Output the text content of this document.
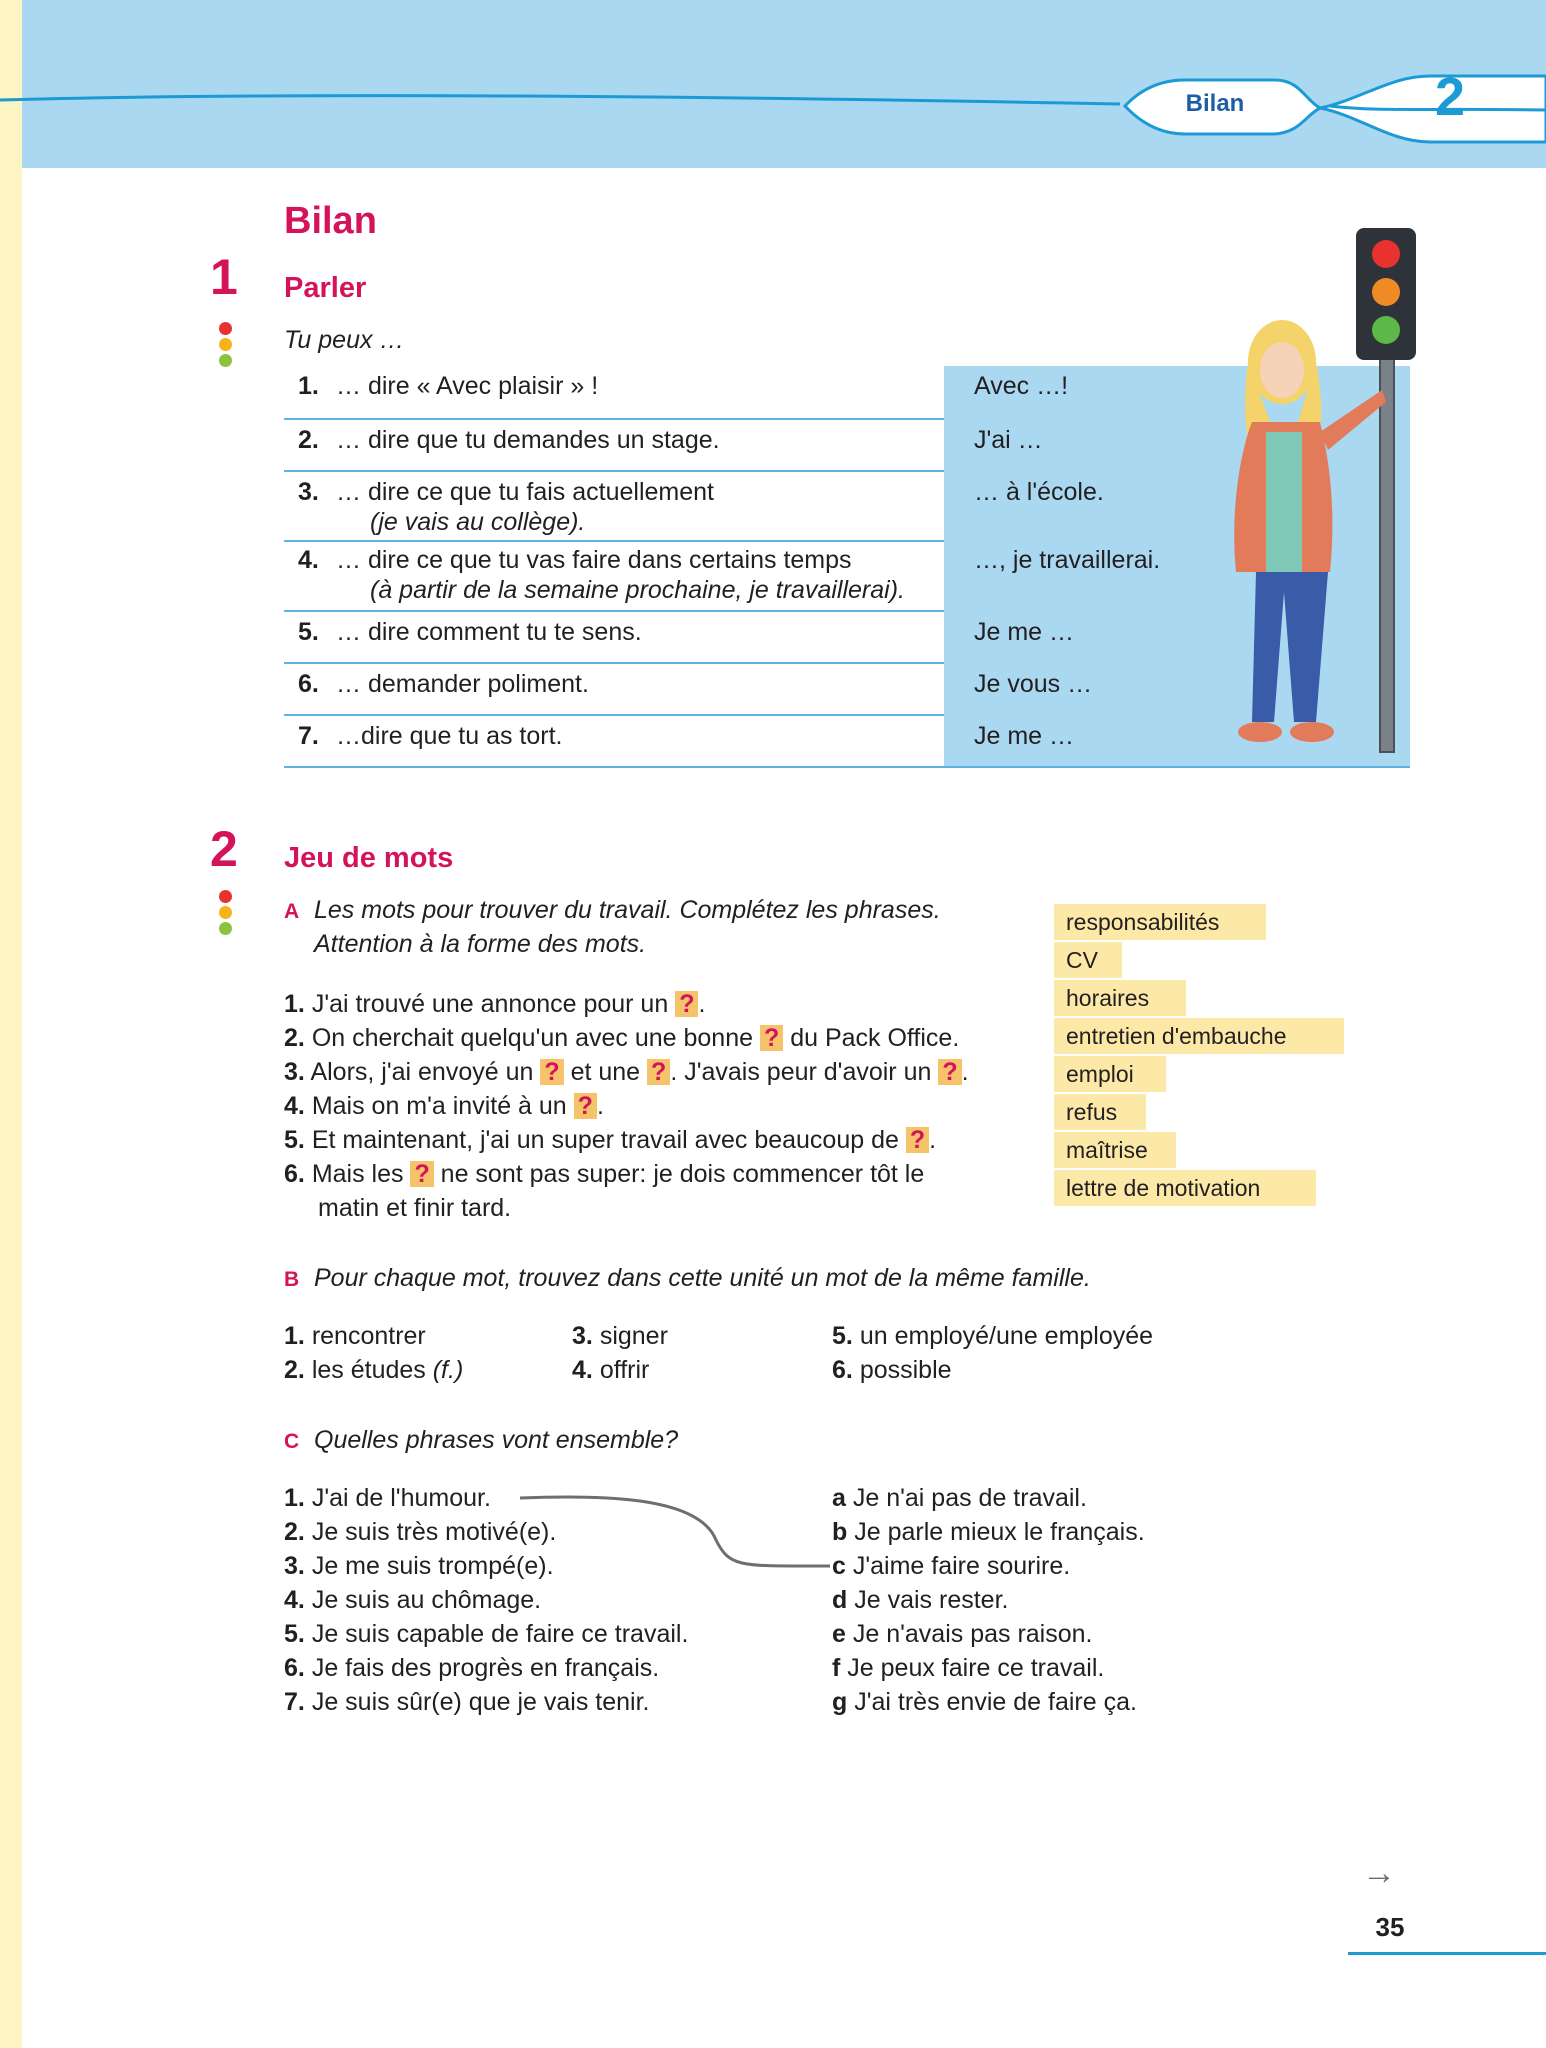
Bilan	2
Bilan
1 Parler
Tu peux …
Avec …!
1. … dire « Avec plaisir » !
J'ai …
2. … dire que tu demandes un stage.
… à l'école.
3. … dire ce que tu fais actuellement
(je vais au collège).
…, je travaillerai.
4. … dire ce que tu vas faire dans certains temps
(à partir de la semaine prochaine, je travaillerai).
Je me …
5. … dire comment tu te sens.
Je vous …
6. … demander poliment.
Je me …
7. …dire que tu as tort.
2 Jeu de mots
A Les mots pour trouver du travail. Complétez les phrases.
Attention à la forme des mots.
1. J'ai trouvé une annonce pour un ? .
2. On cherchait quelqu'un avec une bonne ? du Pack Office.
3. Alors, j'ai envoyé un ? et une ? . J'avais peur d'avoir un ? .
4. Mais on m'a invité à un ? .
5. Et maintenant, j'ai un super travail avec beaucoup de ? .
6. Mais les ? ne sont pas super: je dois commencer tôt le
matin et finir tard.
responsabilités
CV
horaires
entretien d'embauche
emploi
refus
maîtrise
lettre de motivation
B Pour chaque mot, trouvez dans cette unité un mot de la même famille.
1. rencontrer
2. les études (f.)
3. signer
4. offrir
5. un employé/une employée
6. possible
C Quelles phrases vont ensemble?
1. J'ai de l'humour.
2. Je suis très motivé(e).
3. Je me suis trompé(e).
4. Je suis au chômage.
5. Je suis capable de faire ce travail.
6. Je fais des progrès en français.
7. Je suis sûr(e) que je vais tenir.
a Je n'ai pas de travail.
b Je parle mieux le français.
c J'aime faire sourire.
d Je vais rester.
e Je n'avais pas raison.
f Je peux faire ce travail.
g J'ai très envie de faire ça.
→
35
